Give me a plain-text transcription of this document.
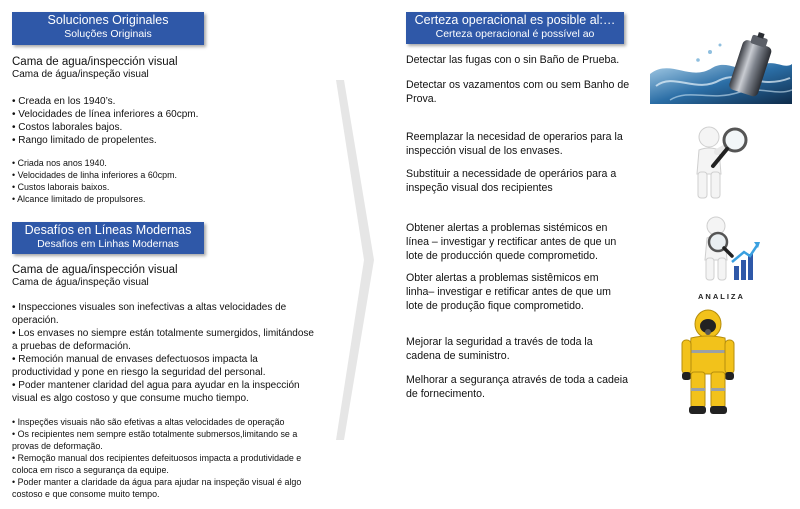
Soluciones Originales
Soluções Originais
Cama de agua/inspección visual
Cama de água/inspeção visual
• Creada en los 1940’s.
• Velocidades de línea inferiores a 60cpm.
• Costos laborales bajos.
• Rango limitado de propelentes.
• Criada nos anos 1940.
• Velocidades de linha inferiores a 60cpm.
• Custos laborais baixos.
• Alcance limitado de propulsores.
Desafíos en Líneas Modernas
Desafios em Linhas Modernas
Cama de agua/inspección visual
Cama de água/inspeção visual
• Inspecciones visuales son inefectivas a altas velocidades de
operación.
• Los envases no siempre están totalmente sumergidos, limitándose
a pruebas de deformación.
• Remoción manual de envases defectuosos impacta la
productividad y pone en riesgo la seguridad del personal.
• Poder mantener claridad del agua para ayudar en la inspección
visual es algo costoso y que consume mucho tiempo.
• Inspeções visuais não são efetivas a altas velocidades de operação
• Os recipientes nem sempre estão totalmente submersos,limitando se a
provas de deformação.
• Remoção manual dos recipientes defeituosos impacta a produtividade e
coloca em risco a segurança da equipe.
• Poder manter a claridade da água para ajudar na inspeção visual é algo
costoso e que consome muito tempo.
Certeza operacional es posible al:…
Certeza operacional é possível ao
Detectar las fugas con o sin Baño de Prueba.
Detectar os vazamentos com ou sem Banho de
Prova.
Reemplazar la necesidad de operarios para la
inspección visual de los envases.
Substituir a necessidade de operários para a
inspeção visual dos recipientes
Obtener alertas a problemas sistémicos en
línea – investigar y rectificar antes de que un
lote de producción quede comprometido.
Obter alertas a problemas sistêmicos em
linha– investigar e retificar antes de que um
lote de produção fique comprometido.
Mejorar la seguridad a través de toda la
cadena de suministro.
Melhorar a segurança através de toda a cadeia
de fornecimento.
ANALIZA
